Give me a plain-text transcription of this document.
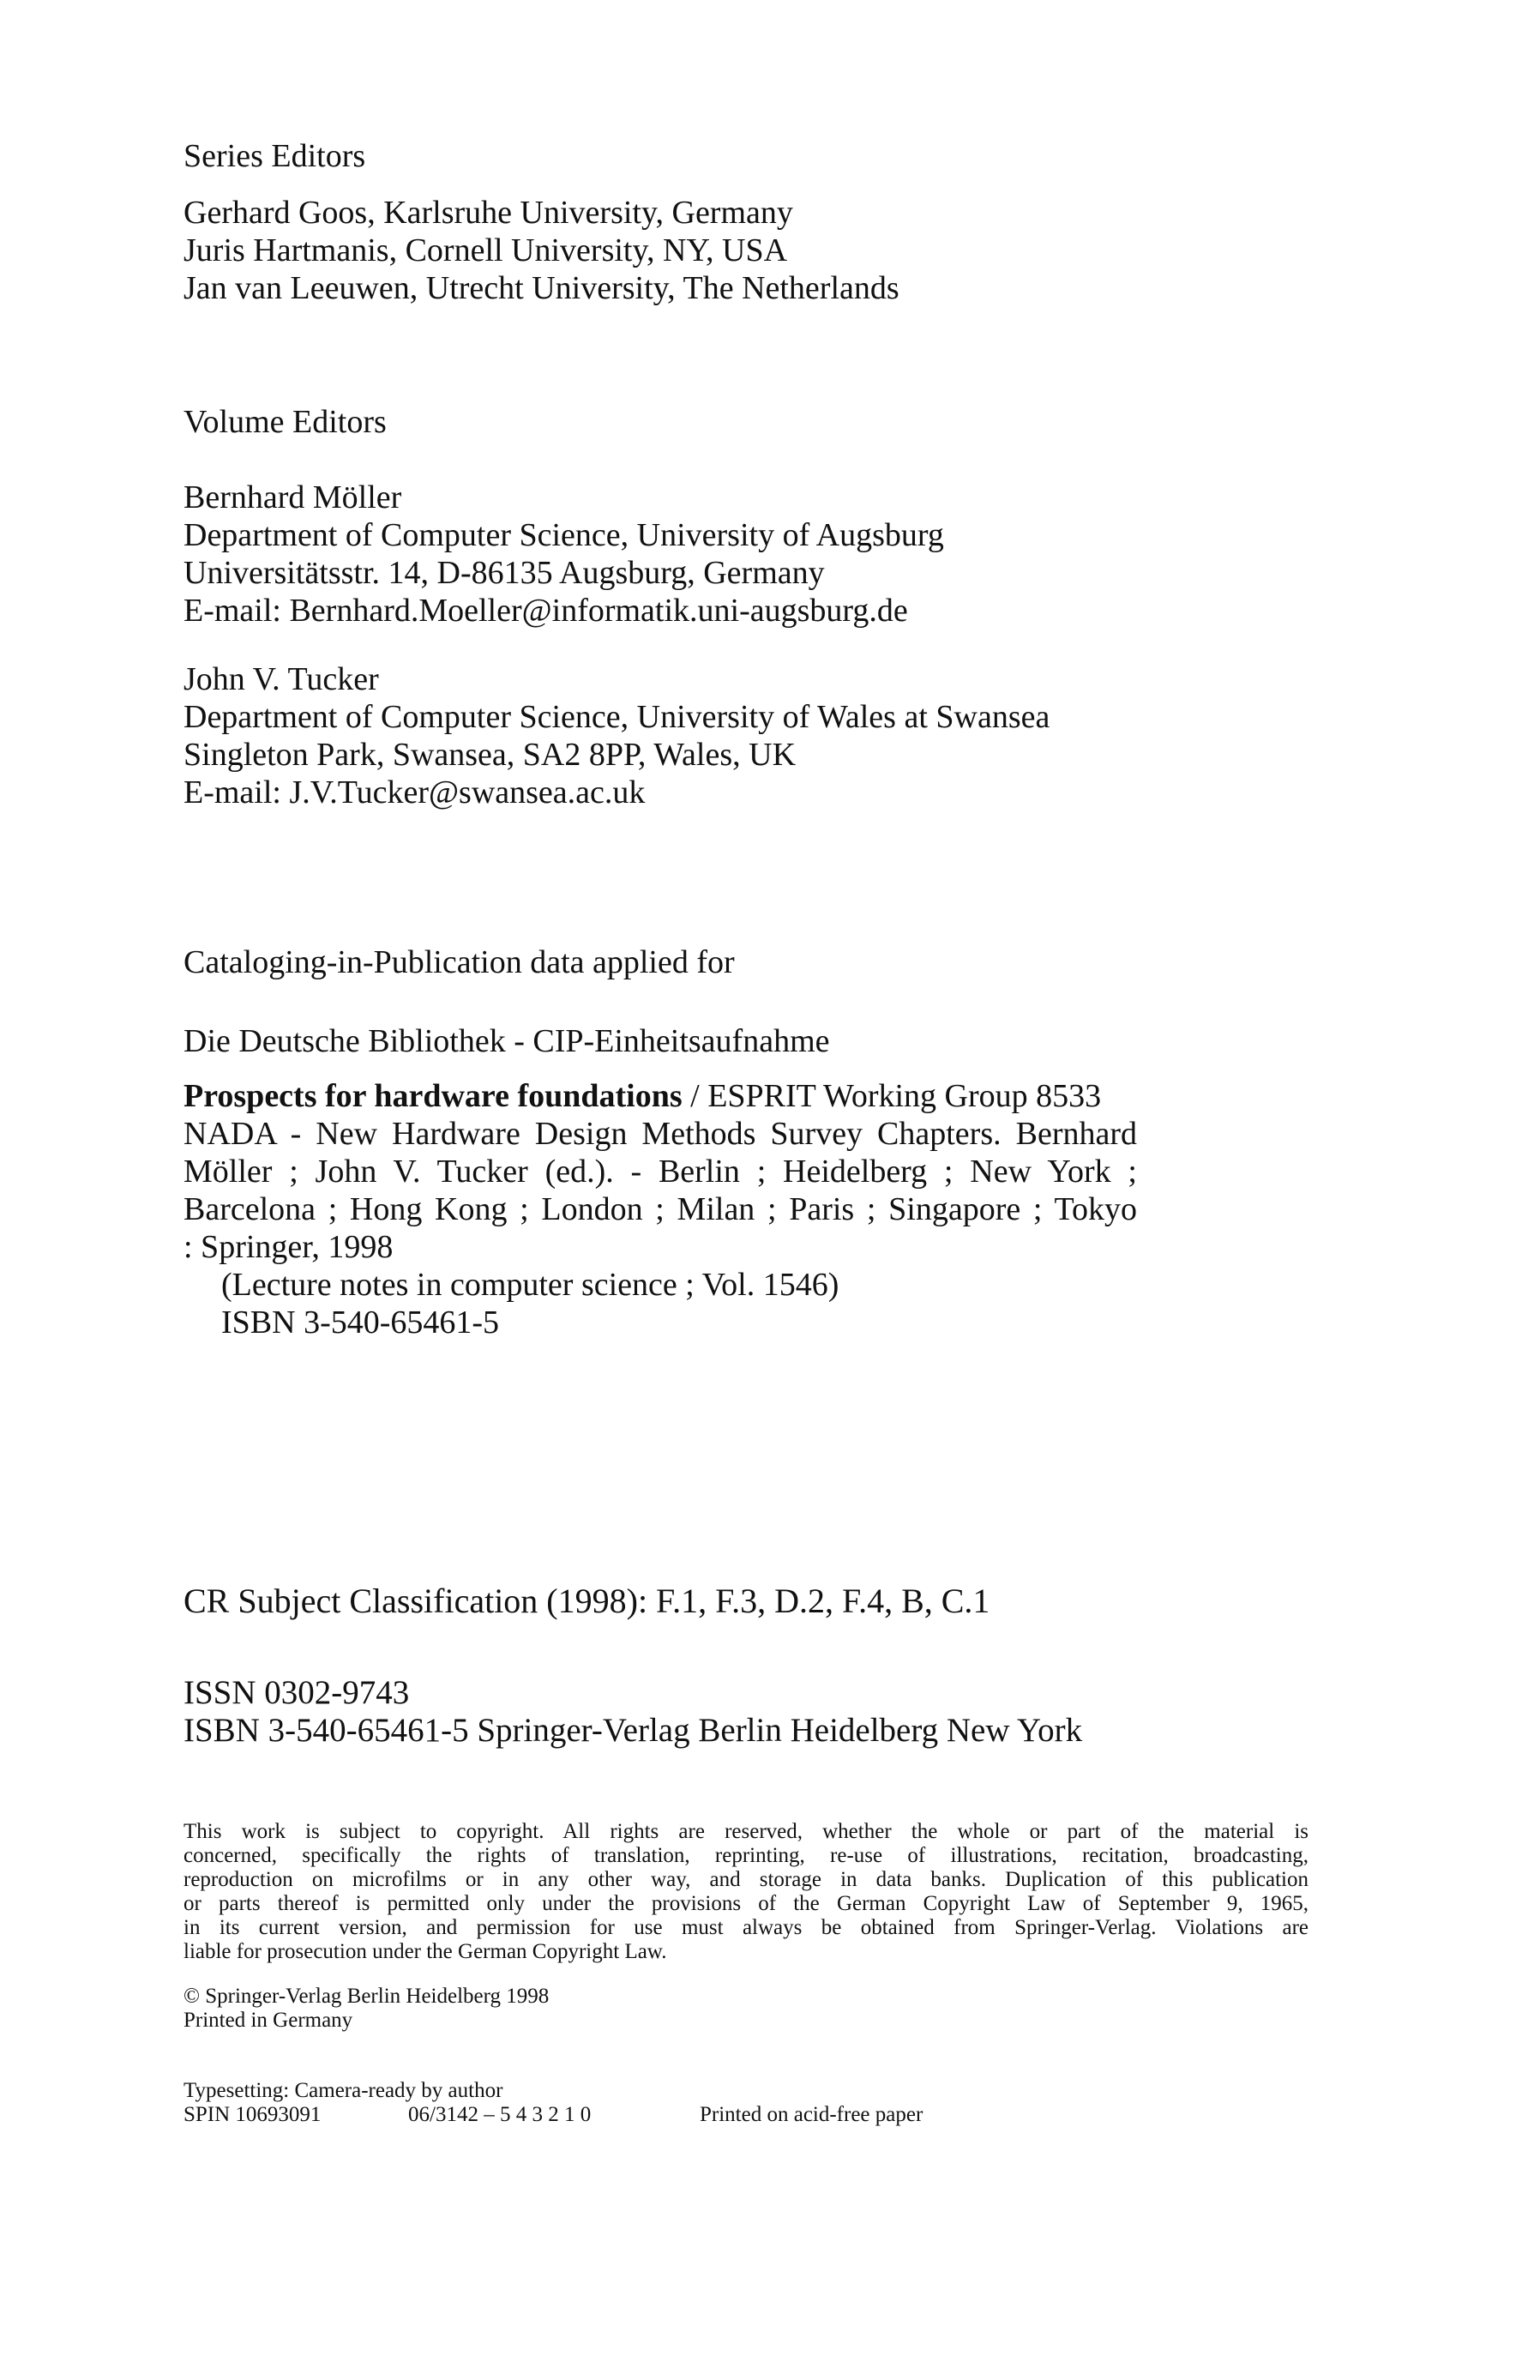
Series Editors
Gerhard Goos, Karlsruhe University, Germany
Juris Hartmanis, Cornell University, NY, USA
Jan van Leeuwen, Utrecht University, The Netherlands
Volume Editors
Bernhard Möller
Department of Computer Science, University of Augsburg
Universitätsstr. 14, D-86135 Augsburg, Germany
E-mail: Bernhard.Moeller@informatik.uni-augsburg.de
John V. Tucker
Department of Computer Science, University of Wales at Swansea
Singleton Park, Swansea, SA2 8PP, Wales, UK
E-mail: J.V.Tucker@swansea.ac.uk
Cataloging-in-Publication data applied for
Die Deutsche Bibliothek - CIP-Einheitsaufnahme
Prospects for hardware foundations / ESPRIT Working Group 8533
NADA - New Hardware Design Methods Survey Chapters. Bernhard
Möller ; John V. Tucker (ed.). - Berlin ; Heidelberg ; New York ;
Barcelona ; Hong Kong ; London ; Milan ; Paris ; Singapore ; Tokyo
: Springer, 1998
(Lecture notes in computer science ; Vol. 1546)
ISBN 3-540-65461-5
CR Subject Classification (1998): F.1, F.3, D.2, F.4, B, C.1
ISSN 0302-9743
ISBN 3-540-65461-5 Springer-Verlag Berlin Heidelberg New York
This work is subject to copyright. All rights are reserved, whether the whole or part of the material is
concerned, specifically the rights of translation, reprinting, re-use of illustrations, recitation, broadcasting,
reproduction on microfilms or in any other way, and storage in data banks. Duplication of this publication
or parts thereof is permitted only under the provisions of the German Copyright Law of September 9, 1965,
in its current version, and permission for use must always be obtained from Springer-Verlag. Violations are
liable for prosecution under the German Copyright Law.
© Springer-Verlag Berlin Heidelberg 1998
Printed in Germany
Typesetting: Camera-ready by author
SPIN 10693091	06/3142 – 5 4 3 2 1 0	Printed on acid-free paper
